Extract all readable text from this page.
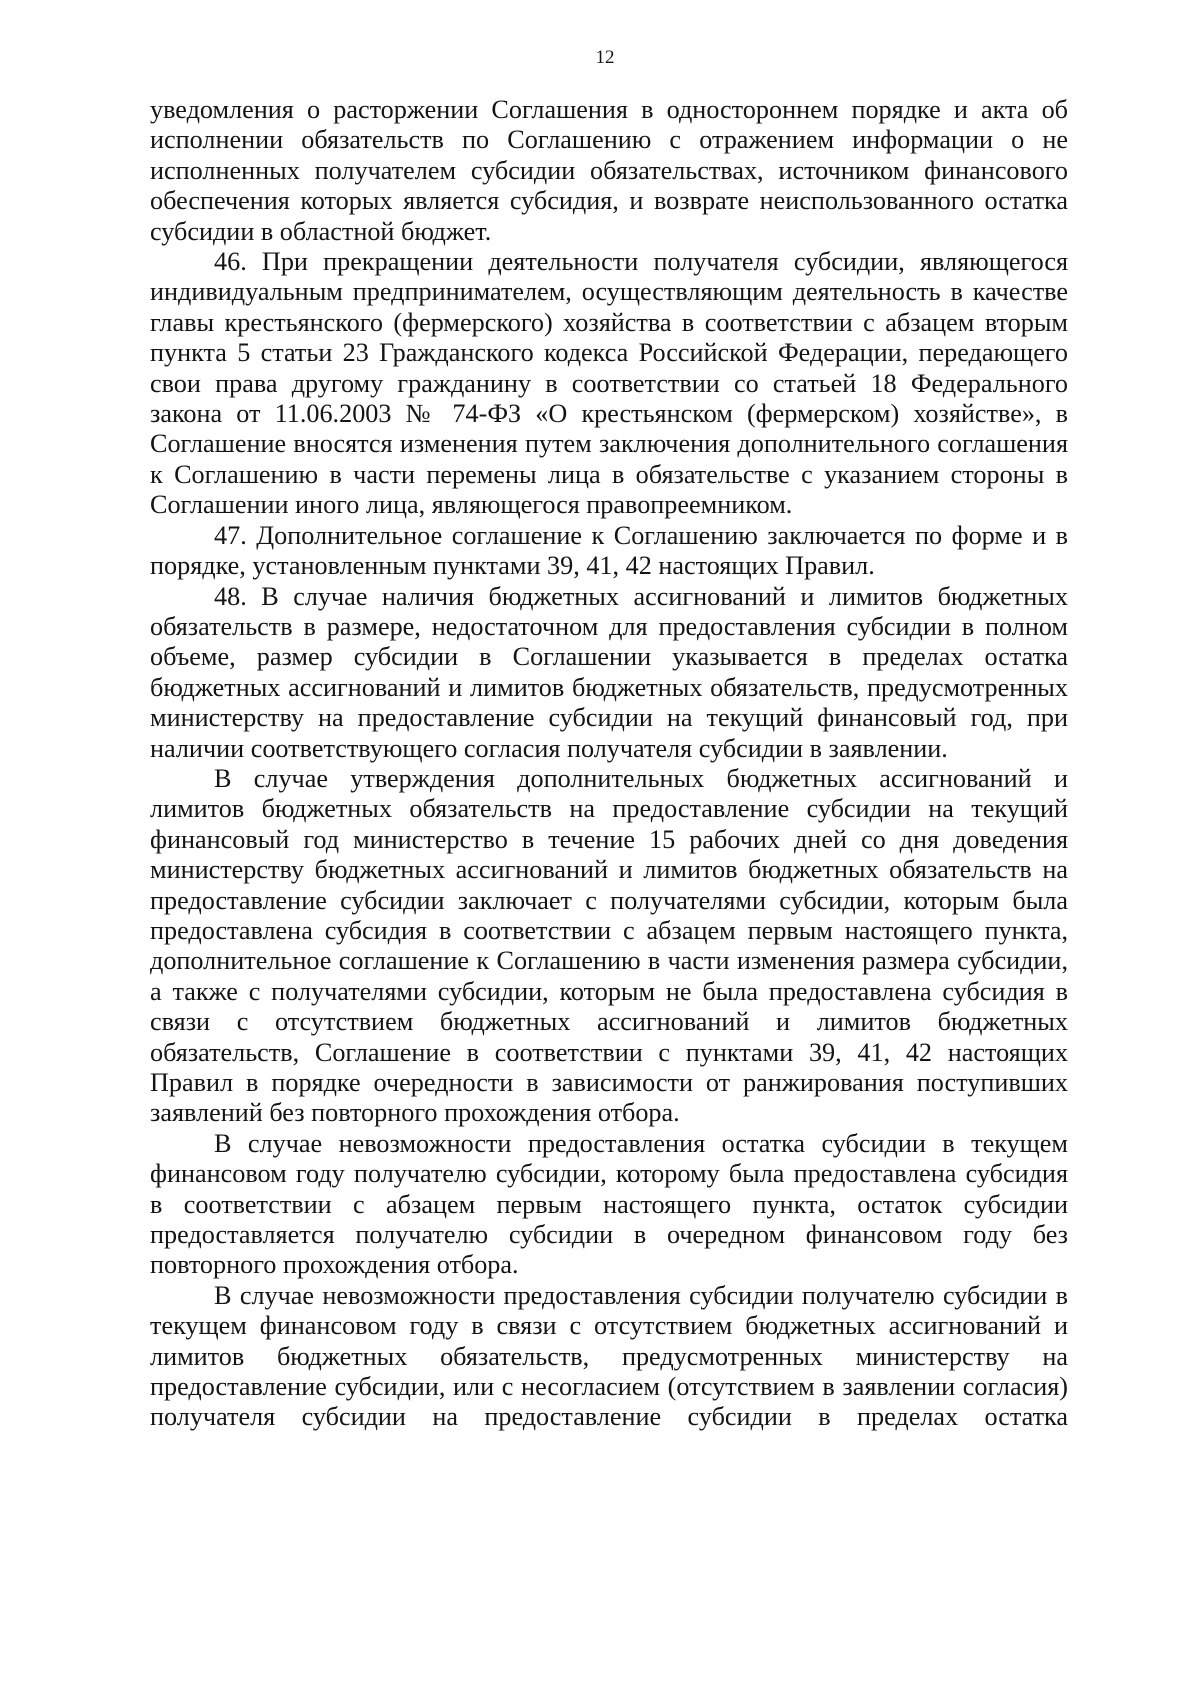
12

уведомления о расторжении Соглашения в одностороннем порядке и акта об исполнении обязательств по Соглашению с отражением информации о не исполненных получателем субсидии обязательствах, источником финансового обеспечения которых является субсидия, и возврате неиспользованного остатка субсидии в областной бюджет.

46. При прекращении деятельности получателя субсидии, являющегося индивидуальным предпринимателем, осуществляющим деятельность в качестве главы крестьянского (фермерского) хозяйства в соответствии с абзацем вторым пункта 5 статьи 23 Гражданского кодекса Российской Федерации, передающего свои права другому гражданину в соответствии со статьей 18 Федерального закона от 11.06.2003 № 74-ФЗ «О крестьянском (фермерском) хозяйстве», в Соглашение вносятся изменения путем заключения дополнительного соглашения к Соглашению в части перемены лица в обязательстве с указанием стороны в Соглашении иного лица, являющегося правопреемником.

47. Дополнительное соглашение к Соглашению заключается по форме и в порядке, установленным пунктами 39, 41, 42 настоящих Правил.

48. В случае наличия бюджетных ассигнований и лимитов бюджетных обязательств в размере, недостаточном для предоставления субсидии в полном объеме, размер субсидии в Соглашении указывается в пределах остатка бюджетных ассигнований и лимитов бюджетных обязательств, предусмотренных министерству на предоставление субсидии на текущий финансовый год, при наличии соответствующего согласия получателя субсидии в заявлении.

В случае утверждения дополнительных бюджетных ассигнований и лимитов бюджетных обязательств на предоставление субсидии на текущий финансовый год министерство в течение 15 рабочих дней со дня доведения министерству бюджетных ассигнований и лимитов бюджетных обязательств на предоставление субсидии заключает с получателями субсидии, которым была предоставлена субсидия в соответствии с абзацем первым настоящего пункта, дополнительное соглашение к Соглашению в части изменения размера субсидии, а также с получателями субсидии, которым не была предоставлена субсидия в связи с отсутствием бюджетных ассигнований и лимитов бюджетных обязательств, Соглашение в соответствии с пунктами 39, 41, 42 настоящих Правил в порядке очередности в зависимости от ранжирования поступивших заявлений без повторного прохождения отбора.

В случае невозможности предоставления остатка субсидии в текущем финансовом году получателю субсидии, которому была предоставлена субсидия в соответствии с абзацем первым настоящего пункта, остаток субсидии предоставляется получателю субсидии в очередном финансовом году без повторного прохождения отбора.

В случае невозможности предоставления субсидии получателю субсидии в текущем финансовом году в связи с отсутствием бюджетных ассигнований и лимитов бюджетных обязательств, предусмотренных министерству на предоставление субсидии, или с несогласием (отсутствием в заявлении согласия) получателя субсидии на предоставление субсидии в пределах остатка
